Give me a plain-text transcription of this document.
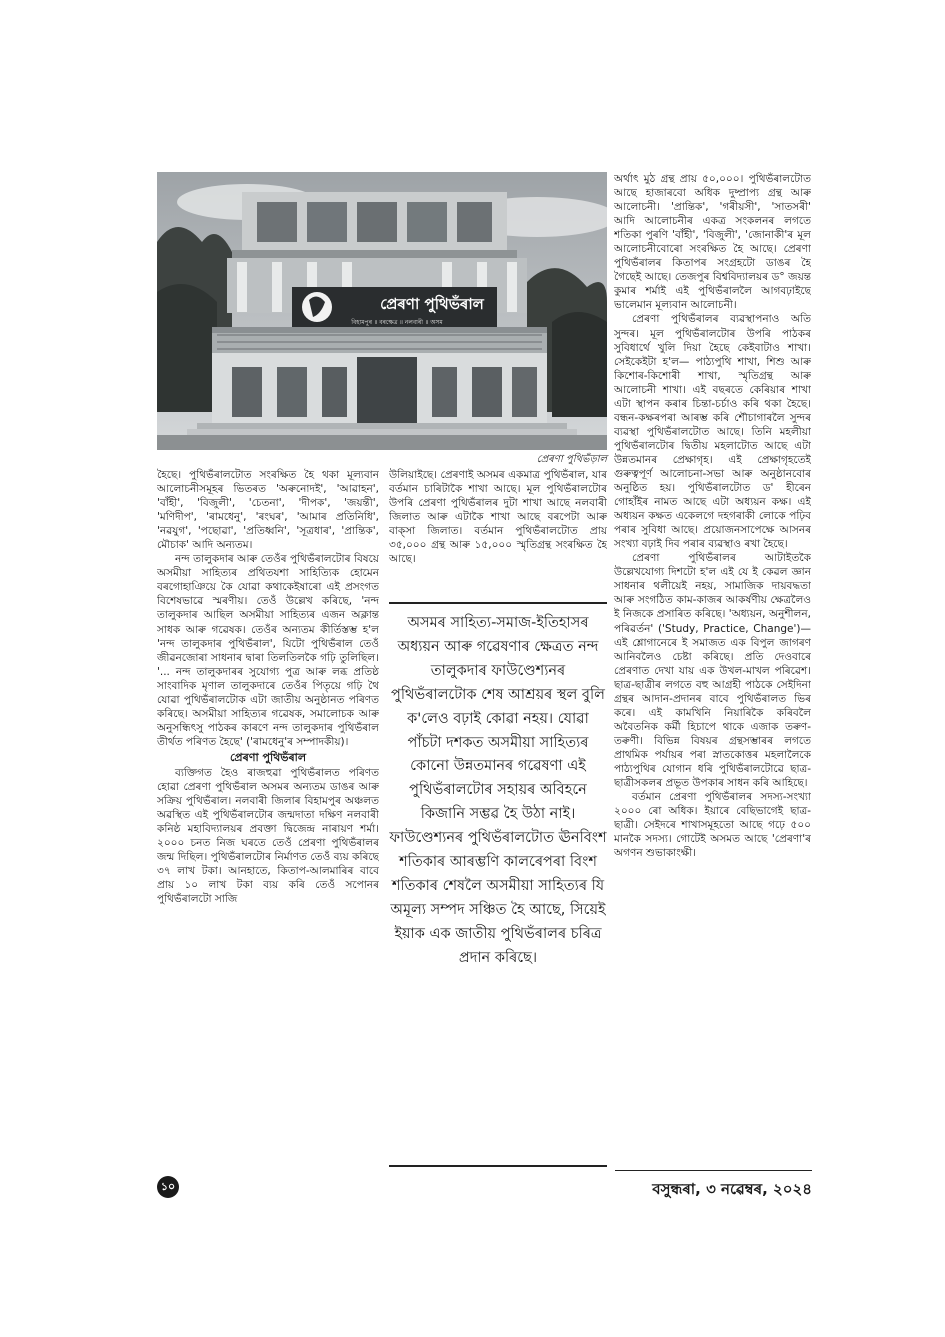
প্ৰেৰণা পুথিভঁৰাল
বিহামপুৰ ॥ বৰক্ষেত্ৰ ॥ নলবাৰী ॥ অসম
প্ৰেৰণা পুথিভঁড়াল

হৈছে। পুথিভঁৰালটোত সংৰক্ষিত হৈ থকা মূল্যবান আলোচনীসমূহৰ ভিতৰত 'অৰুনোদই', 'আৱাহন', 'বাঁহী', 'বিজুলী', 'চেতনা', 'দীপক', 'জয়ন্তী', 'মণিদীপ', 'ৰামধেনু', 'ৰংঘৰ', 'আমাৰ প্ৰতিনিধি', 'নৱযুগ', 'পছোৱা', 'প্ৰতিধ্বনি', 'সূত্ৰধাৰ', 'প্ৰান্তিক', মৌচাক' আদি অন্যতম।

নন্দ তালুকদাৰ আৰু তেওঁৰ পুথিভঁৰালটোৰ বিষয়ে অসমীয়া সাহিত্যৰ প্ৰথিতযশা সাহিত্যিক হোমেন বৰগোহাঞিয়ে কৈ যোৱা কথাকেইষাৰো এই প্ৰসংগত বিশেষভাৱে স্মৰণীয়। তেওঁ উল্লেখ কৰিছে, 'নন্দ তালুকদাৰ আছিল অসমীয়া সাহিত্যৰ এজন অক্লান্ত সাধক আৰু গৱেষক। তেওঁৰ অন্যতম কীৰ্তিস্তম্ভ হ'ল 'নন্দ তালুকদাৰ পুথিভঁৰাল', যিটো পুথিভঁৰাল তেওঁ জীৱনজোৰা সাধনাৰ দ্বাৰা তিলতিলকৈ গঢ়ি তুলিছিল। '... নন্দ তালুকদাৰৰ সুযোগ্য পুত্ৰ আৰু লব্ধ প্ৰতিষ্ঠ সাংবাদিক মৃণাল তালুকদাৰে তেওঁৰ পিতৃয়ে গঢ়ি থৈ যোৱা পুথিভঁৰালটোক এটা জাতীয় অনুষ্ঠানত পৰিণত কৰিছে। অসমীয়া সাহিত্যৰ গৱেষক, সমালোচক আৰু অনুসন্ধিৎসু পাঠকৰ কাৰণে নন্দ তালুকদাৰ পুথিভঁৰাল তীৰ্থত পৰিণত হৈছে' ('ৰামধেনু'ৰ সম্পাদকীয়)।

প্ৰেৰণা পুথিভঁৰাল

ব্যক্তিগত হৈও ৰাজহুৱা পুথিভঁৰালত পৰিণত হোৱা প্ৰেৰণা পুথিভঁৰাল অসমৰ অন্যতম ডাঙৰ আৰু সক্ৰিয় পুথিভঁৰাল। নলবাৰী জিলাৰ বিহামপুৰ অঞ্চলত অৱস্থিত এই পুথিভঁৰালটোৰ জন্মদাতা দক্ষিণ নলবাৰী কনিষ্ঠ মহাবিদ্যালয়ৰ প্ৰবক্তা দ্বিজেন্দ্ৰ নাৰায়ণ শৰ্মা। ২০০০ চনত নিজ ঘৰতে তেওঁ প্ৰেৰণা পুথিভঁৰালৰ জন্ম দিছিল। পুথিভঁৰালটোৰ নিৰ্মাণত তেওঁ ব্যয় কৰিছে ৩৭ লাখ টকা। আনহাতে, কিতাপ-আলমাৰিৰ বাবে প্ৰায় ১০ লাখ টকা ব্যয় কৰি তেওঁ সপোনৰ পুথিভঁৰালটো সাজি

উলিয়াইছে। প্ৰেৰণাই অসমৰ একমাত্ৰ পুথিভঁৰাল, যাৰ বৰ্তমান চাৰিটাকৈ শাখা আছে। মূল পুথিভঁৰালটোৰ উপৰি প্ৰেৰণা পুথিভঁৰালৰ দুটা শাখা আছে নলবাৰী জিলাত আৰু এটাকৈ শাখা আছে বৰপেটা আৰু বাক্‌সা জিলাত। বৰ্তমান পুথিভঁৰালটোত প্ৰায় ৩৫,০০০ গ্ৰন্থ আৰু ১৫,০০০ স্মৃতিগ্ৰন্থ সংৰক্ষিত হৈ আছে।

অসমৰ সাহিত্য-সমাজ-ইতিহাসৰ অধ্যয়ন আৰু গৱেষণাৰ ক্ষেত্ৰত নন্দ তালুকদাৰ ফাউণ্ডেশ্যনৰ পুথিভঁৰালটোক শেষ আশ্ৰয়ৰ স্থল বুলি ক'লেও বঢ়াই কোৱা নহয়। যোৱা পাঁচটা দশকত অসমীয়া সাহিত্যৰ কোনো উন্নতমানৰ গৱেষণা এই পুথিভঁৰালটোৰ সহায়ৰ অবিহনে কিজানি সম্ভৱ হৈ উঠা নাই। ফাউণ্ডেশ্যনৰ পুথিভঁৰালটোত ঊনবিংশ শতিকাৰ আৰম্ভণি কালৰেপৰা বিংশ শতিকাৰ শেষলৈ অসমীয়া সাহিত্যৰ যি অমূল্য সম্পদ সঞ্চিত হৈ আছে, সিয়েই ইয়াক এক জাতীয় পুথিভঁৰালৰ চৰিত্ৰ প্ৰদান কৰিছে।

অৰ্থাৎ মুঠ গ্ৰন্থ প্ৰায় ৫০,০০০। পুথিভঁৰালটোত আছে হাজাৰবো অধিক দুষ্প্ৰাপ্য গ্ৰন্থ আৰু আলোচনী। 'প্ৰান্তিক', 'গৰীয়সী', 'সাতসৰী' আদি আলোচনীৰ একত্ৰ সংকলনৰ লগতে শতিকা পুৰণি 'বাঁহী', 'বিজুলী', 'জোনাকী'ৰ মূল আলোচনীবোৰো সংৰক্ষিত হৈ আছে। প্ৰেৰণা পুথিভঁৰালৰ কিতাপৰ সংগ্ৰহটো ডাঙৰ হৈ গৈছেই আছে। তেজপুৰ বিশ্ববিদ্যালয়ৰ ড° জয়ন্ত কুমাৰ শৰ্মাই এই পুথিভঁৰাললৈ আগবঢ়াইছে ভালেমান মূল্যবান আলোচনী।

প্ৰেৰণা পুথিভঁৰালৰ ব্যৱস্থাপনাও অতি সুন্দৰ। মূল পুথিভঁৰালটোৰ উপৰি পাঠকৰ সুবিধাৰ্থে খুলি দিয়া হৈছে কেইবাটাও শাখা। সেইকেইটা হ'ল— পাঠ্যপুথি শাখা, শিশু আৰু কিশোৰ-কিশোৰী শাখা, স্মৃতিগ্ৰন্থ আৰু আলোচনী শাখা। এই বছৰতে কেৰিয়াৰ শাখা এটা স্থাপন কৰাৰ চিন্তা-চৰ্চাও কৰি থকা হৈছে। বন্ধন-কক্ষৰপৰা আৰম্ভ কৰি শৌচাগাৰলৈ সুন্দৰ ব্যৱস্থা পুথিভঁৰালটোত আছে। তিনি মহলীয়া পুথিভঁৰালটোৰ দ্বিতীয় মহলাটোত আছে এটা উন্নতমানৰ প্ৰেক্ষাগৃহ। এই প্ৰেক্ষাগৃহতেই গুৰুত্বপূৰ্ণ আলোচনা-সভা আৰু অনুষ্ঠানবোৰ অনুষ্ঠিত হয়। পুথিভঁৰালটোত ড' হীৰেন গোহাঁইৰ নামত আছে এটা অধ্যয়ন কক্ষ। এই অধ্যয়ন কক্ষত একেলগে দহগৰাকী লোকে পঢ়িব পৰাৰ সুবিধা আছে। প্ৰয়োজনসাপেক্ষে আসনৰ সংখ্যা বঢ়াই দিব পৰাৰ ব্যৱস্থাও ৰখা হৈছে।

প্ৰেৰণা পুথিভঁৰালৰ আটাইতকৈ উল্লেখযোগ্য দিশটো হ'ল এই যে ই কেৱল জ্ঞান সাধনাৰ থলীয়েই নহয়, সামাজিক দায়বদ্ধতা আৰু সংগঠিত কাম-কাজৰ আকৰ্ষণীয় ক্ষেত্ৰলৈও ই নিজকে প্ৰসাৰিত কৰিছে। 'অধ্যয়ন, অনুশীলন, পৰিৱৰ্তন' ('Study, Practice, Change')— এই শ্লোগানেৰে ই সমাজত এক বিপুল জাগৰণ আনিবলৈও চেষ্টা কৰিছে। প্ৰতি দেওবাৰে প্ৰেৰণাত দেখা যায় এক উখল-মাখল পৰিৱেশ। ছাত্ৰ-ছাত্ৰীৰ লগতে বহু আগ্ৰহী পাঠকে সেইদিনা গ্ৰন্থৰ আদান-প্ৰদানৰ বাবে পুথিভঁৰালত ভিৰ কৰে। এই কামখিনি নিয়াৰিকৈ কৰিবলৈ অবৈতনিক কৰ্মী হিচাপে থাকে এজাক তৰুণ-তৰুণী। বিভিন্ন বিষয়ৰ গ্ৰন্থসম্ভাৰৰ লগতে প্ৰাথমিক পৰ্যায়ৰ পৰা স্নাতকোত্তৰ মহলালৈকে পাঠ্যপুথিৰ যোগান ধৰি পুথিভঁৰালটোৱে ছাত্ৰ-ছাত্ৰীসকলৰ প্ৰভূত উপকাৰ সাধন কৰি আহিছে।

বৰ্তমান প্ৰেৰণা পুথিভঁৰালৰ সদস্য-সংখ্যা ২০০০ ৰো অধিক। ইয়াৰে বেছিভাগেই ছাত্ৰ-ছাত্ৰী। সেইদৰে শাখাসমূহতো আছে গঢ়ে ৫০০ মানকৈ সদস্য। গোটেই অসমত আছে 'প্ৰেৰণা'ৰ অগণন শুভাকাংক্ষী।

১০	বসুন্ধৰা, ৩ নৱেম্বৰ, ২০২৪
